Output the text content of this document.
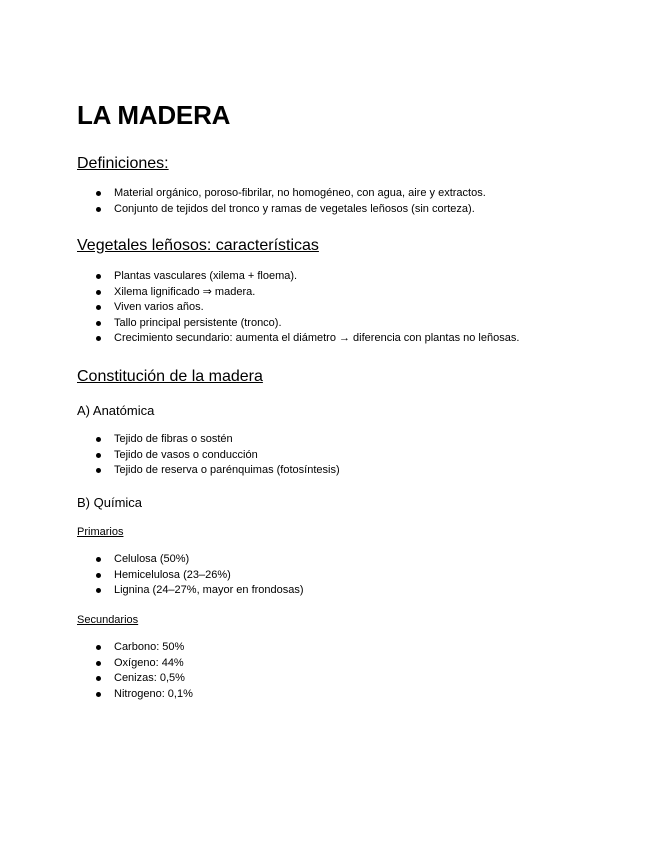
LA MADERA
Definiciones:
Material orgánico, poroso-fibrilar, no homogéneo, con agua, aire y extractos.
Conjunto de tejidos del tronco y ramas de vegetales leñosos (sin corteza).
Vegetales leñosos: características
Plantas vasculares (xilema + floema).
Xilema lignificado ⇒ madera.
Viven varios años.
Tallo principal persistente (tronco).
Crecimiento secundario: aumenta el diámetro → diferencia con plantas no leñosas.
Constitución de la madera
A) Anatómica
Tejido de fibras o sostén
Tejido de vasos o conducción
Tejido de reserva o parénquimas (fotosíntesis)
B) Química
Primarios
Celulosa (50%)
Hemicelulosa (23–26%)
Lignina (24–27%, mayor en frondosas)
Secundarios
Carbono: 50%
Oxígeno: 44%
Cenizas: 0,5%
Nitrogeno: 0,1%
